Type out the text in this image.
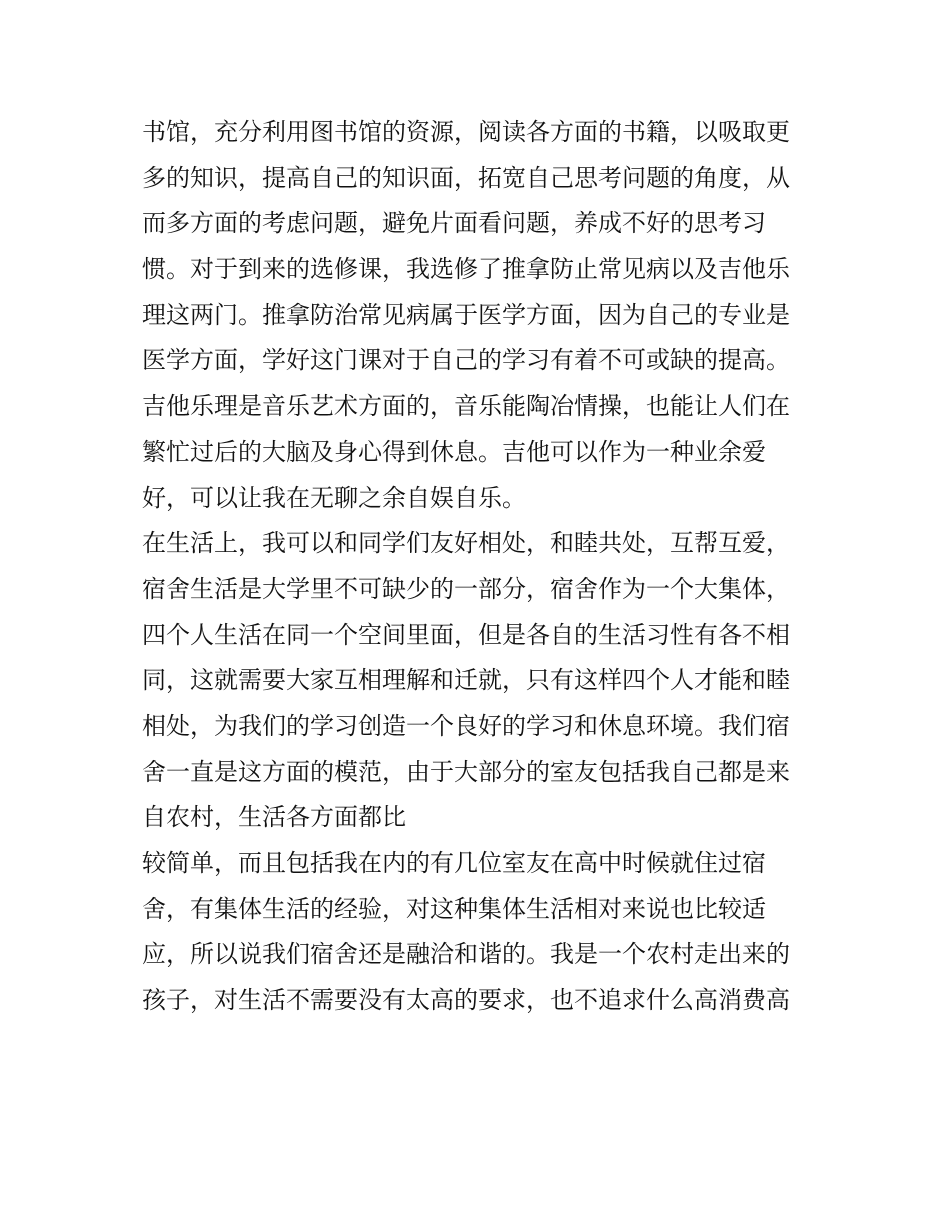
书馆，充分利用图书馆的资源，阅读各方面的书籍，以吸取更
多的知识，提高自己的知识面，拓宽自己思考问题的角度，从
而多方面的考虑问题，避免片面看问题，养成不好的思考习
惯。对于到来的选修课，我选修了推拿防止常见病以及吉他乐
理这两门。推拿防治常见病属于医学方面，因为自己的专业是
医学方面，学好这门课对于自己的学习有着不可或缺的提高。
吉他乐理是音乐艺术方面的，音乐能陶冶情操，也能让人们在
繁忙过后的大脑及身心得到休息。吉他可以作为一种业余爱
好，可以让我在无聊之余自娱自乐。
在生活上，我可以和同学们友好相处，和睦共处，互帮互爱，
宿舍生活是大学里不可缺少的一部分，宿舍作为一个大集体，
四个人生活在同一个空间里面，但是各自的生活习性有各不相
同，这就需要大家互相理解和迁就，只有这样四个人才能和睦
相处，为我们的学习创造一个良好的学习和休息环境。我们宿
舍一直是这方面的模范，由于大部分的室友包括我自己都是来
自农村，生活各方面都比
较简单，而且包括我在内的有几位室友在高中时候就住过宿
舍，有集体生活的经验，对这种集体生活相对来说也比较适
应，所以说我们宿舍还是融洽和谐的。我是一个农村走出来的
孩子，对生活不需要没有太高的要求，也不追求什么高消费高
